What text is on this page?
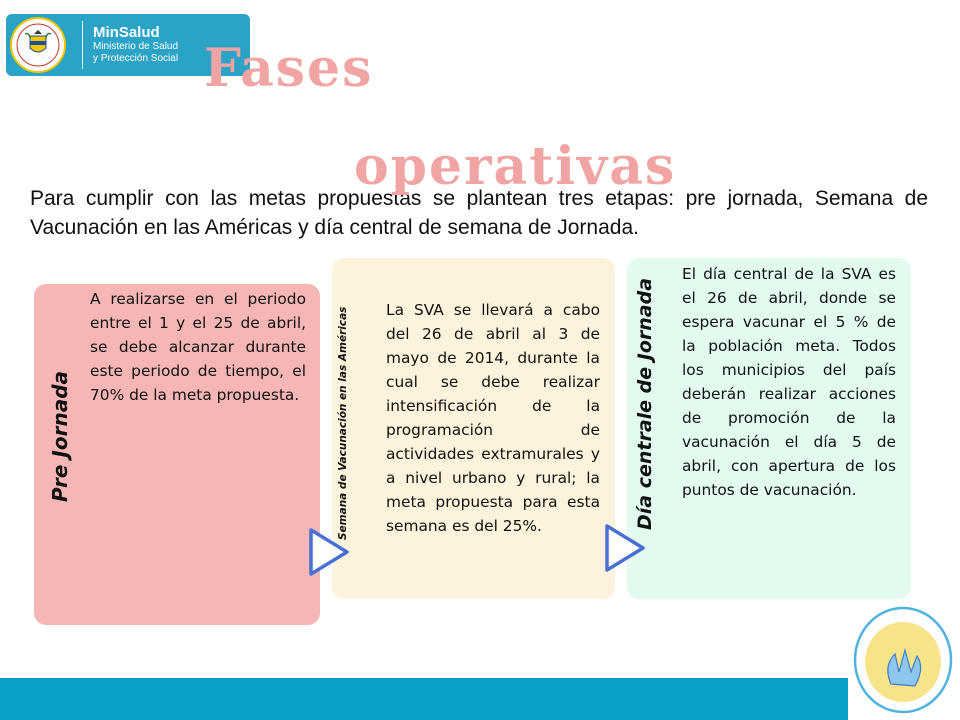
MinSalud
Ministerio de Salud
y Protección Social Fases
Para cumplir con las metas propuestas se plantean tres etapas: pre jornada, Semana de Vacunación en las Américas y día central de semana de Jornada.
operativas
Pre Jornada	Semana de Vacunación en las Américas	Día centrale de Jornada
A realizarse en el periodo entre el 1 y el 25 de abril, se debe alcanzar durante este periodo de tiempo, el 70% de la meta propuesta.
La SVA se llevará a cabo del 26 de abril al 3 de mayo de 2014, durante la cual se debe realizar intensificación de la programación de actividades extramurales y a nivel urbano y rural; la meta propuesta para esta semana es del 25%.
El día central de la SVA es el 26 de abril, donde se espera vacunar el 5 % de la población meta. Todos los municipios del país deberán realizar acciones de promoción de la vacunación el día 5 de abril, con apertura de los puntos de vacunación.
